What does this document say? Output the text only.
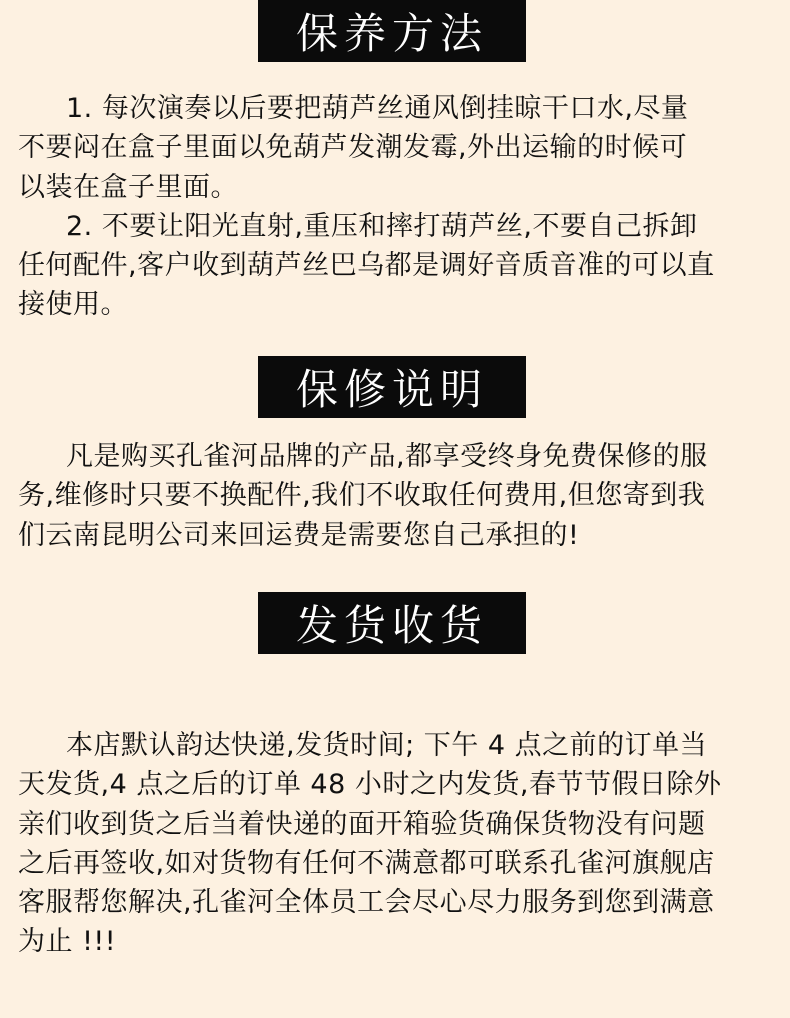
保养方法
1. 每次演奏以后要把葫芦丝通风倒挂晾干口水,尽量
不要闷在盒子里面以免葫芦发潮发霉,外出运输的时候可
以装在盒子里面。
2. 不要让阳光直射,重压和摔打葫芦丝,不要自己拆卸
任何配件,客户收到葫芦丝巴乌都是调好音质音准的可以直
接使用。
保修说明
凡是购买孔雀河品牌的产品,都享受终身免费保修的服
务,维修时只要不换配件,我们不收取任何费用,但您寄到我
们云南昆明公司来回运费是需要您自己承担的!
发货收货
本店默认韵达快递,发货时间; 下午 4 点之前的订单当
天发货,4 点之后的订单 48 小时之内发货,春节节假日除外
亲们收到货之后当着快递的面开箱验货确保货物没有问题
之后再签收,如对货物有任何不满意都可联系孔雀河旗舰店
客服帮您解决,孔雀河全体员工会尽心尽力服务到您到满意
为止 !!!
